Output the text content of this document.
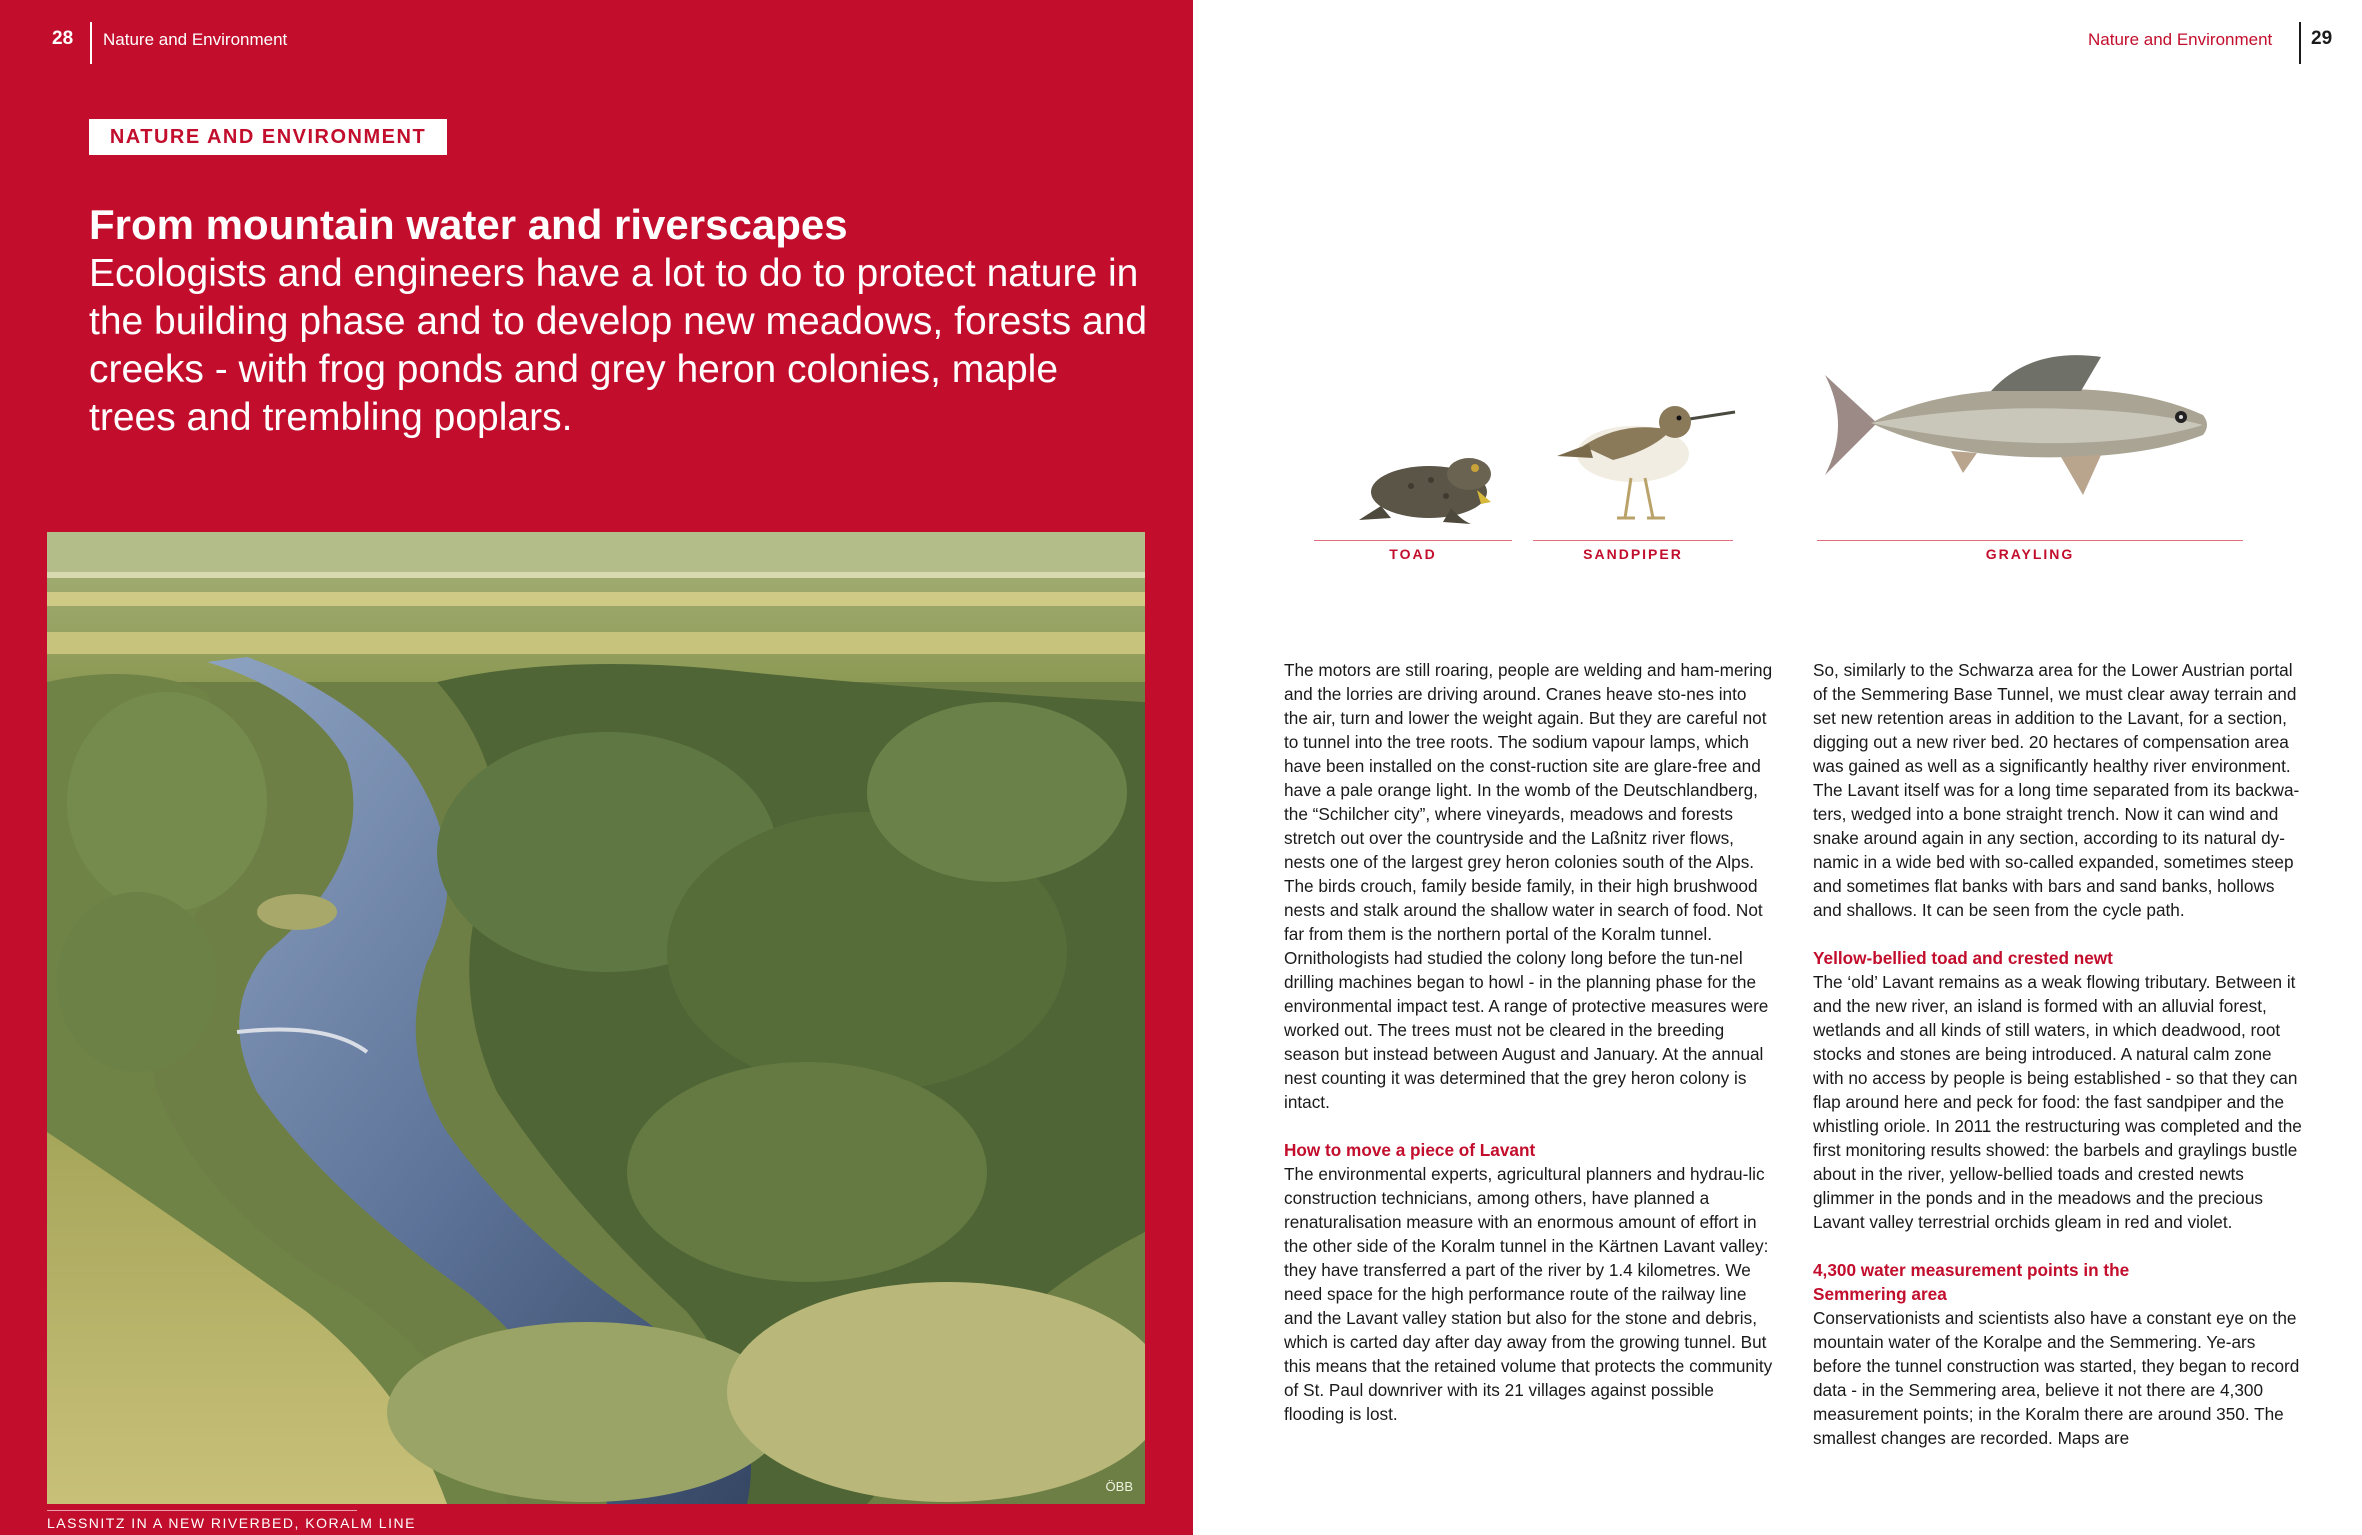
28 Nature and Environment
NATURE AND ENVIRONMENT
From mountain water and riverscapes
Ecologists and engineers have a lot to do to protect nature in the building phase and to develop new meadows, forests and creeks - with frog ponds and grey heron colonies, maple trees and trembling poplars.
ÖBB
LASSNITZ IN A NEW RIVERBED, KORALM LINE
Nature and Environment 29
TOAD	SANDPIPER	GRAYLING

The motors are still roaring, people are welding and ham-mering and the lorries are driving around. Cranes heave sto-nes into the air, turn and lower the weight again. But they are careful not to tunnel into the tree roots. The sodium vapour lamps, which have been installed on the const-ruction site are glare-free and have a pale orange light. In the womb of the Deutschlandberg, the “Schilcher city”, where vineyards, meadows and forests stretch out over the countryside and the Laßnitz river flows, nests one of the largest grey heron colonies south of the Alps. The birds crouch, family beside family, in their high brushwood nests and stalk around the shallow water in search of food. Not far from them is the northern portal of the Koralm tunnel. Ornithologists had studied the colony long before the tun-nel drilling machines began to howl - in the planning phase for the environmental impact test. A range of protective measures were worked out. The trees must not be cleared in the breeding season but instead between August and January. At the annual nest counting it was determined that the grey heron colony is intact.

How to move a piece of Lavant

The environmental experts, agricultural planners and hydrau-lic construction technicians, among others, have planned a renaturalisation measure with an enormous amount of effort in the other side of the Koralm tunnel in the Kärtnen Lavant valley: they have transferred a part of the river by 1.4 kilometres. We need space for the high performance route of the railway line and the Lavant valley station but also for the stone and debris, which is carted day after day away from the growing tunnel. But this means that the retained volume that protects the community of St. Paul downriver with its 21 villages against possible flooding is lost.

So, similarly to the Schwarza area for the Lower Austrian portal of the Semmering Base Tunnel, we must clear away terrain and set new retention areas in addition to the Lavant, for a section, digging out a new river bed. 20 hectares of compensation area was gained as well as a significantly healthy river environment. The Lavant itself was for a long time separated from its backwa-ters, wedged into a bone straight trench. Now it can wind and snake around again in any section, according to its natural dy-namic in a wide bed with so-called expanded, sometimes steep and sometimes flat banks with bars and sand banks, hollows and shallows. It can be seen from the cycle path.

Yellow-bellied toad and crested newt

The ‘old’ Lavant remains as a weak flowing tributary. Between it and the new river, an island is formed with an alluvial forest, wetlands and all kinds of still waters, in which deadwood, root stocks and stones are being introduced. A natural calm zone with no access by people is being established - so that they can flap around here and peck for food: the fast sandpiper and the whistling oriole. In 2011 the restructuring was completed and the first monitoring results showed: the barbels and graylings bustle about in the river, yellow-bellied toads and crested newts glimmer in the ponds and in the meadows and the precious Lavant valley terrestrial orchids gleam in red and violet.

4,300 water measurement points in the Semmering area

Conservationists and scientists also have a constant eye on the mountain water of the Koralpe and the Semmering. Ye-ars before the tunnel construction was started, they began to record data - in the Semmering area, believe it not there are 4,300 measurement points; in the Koralm there are around 350. The smallest changes are recorded. Maps are
